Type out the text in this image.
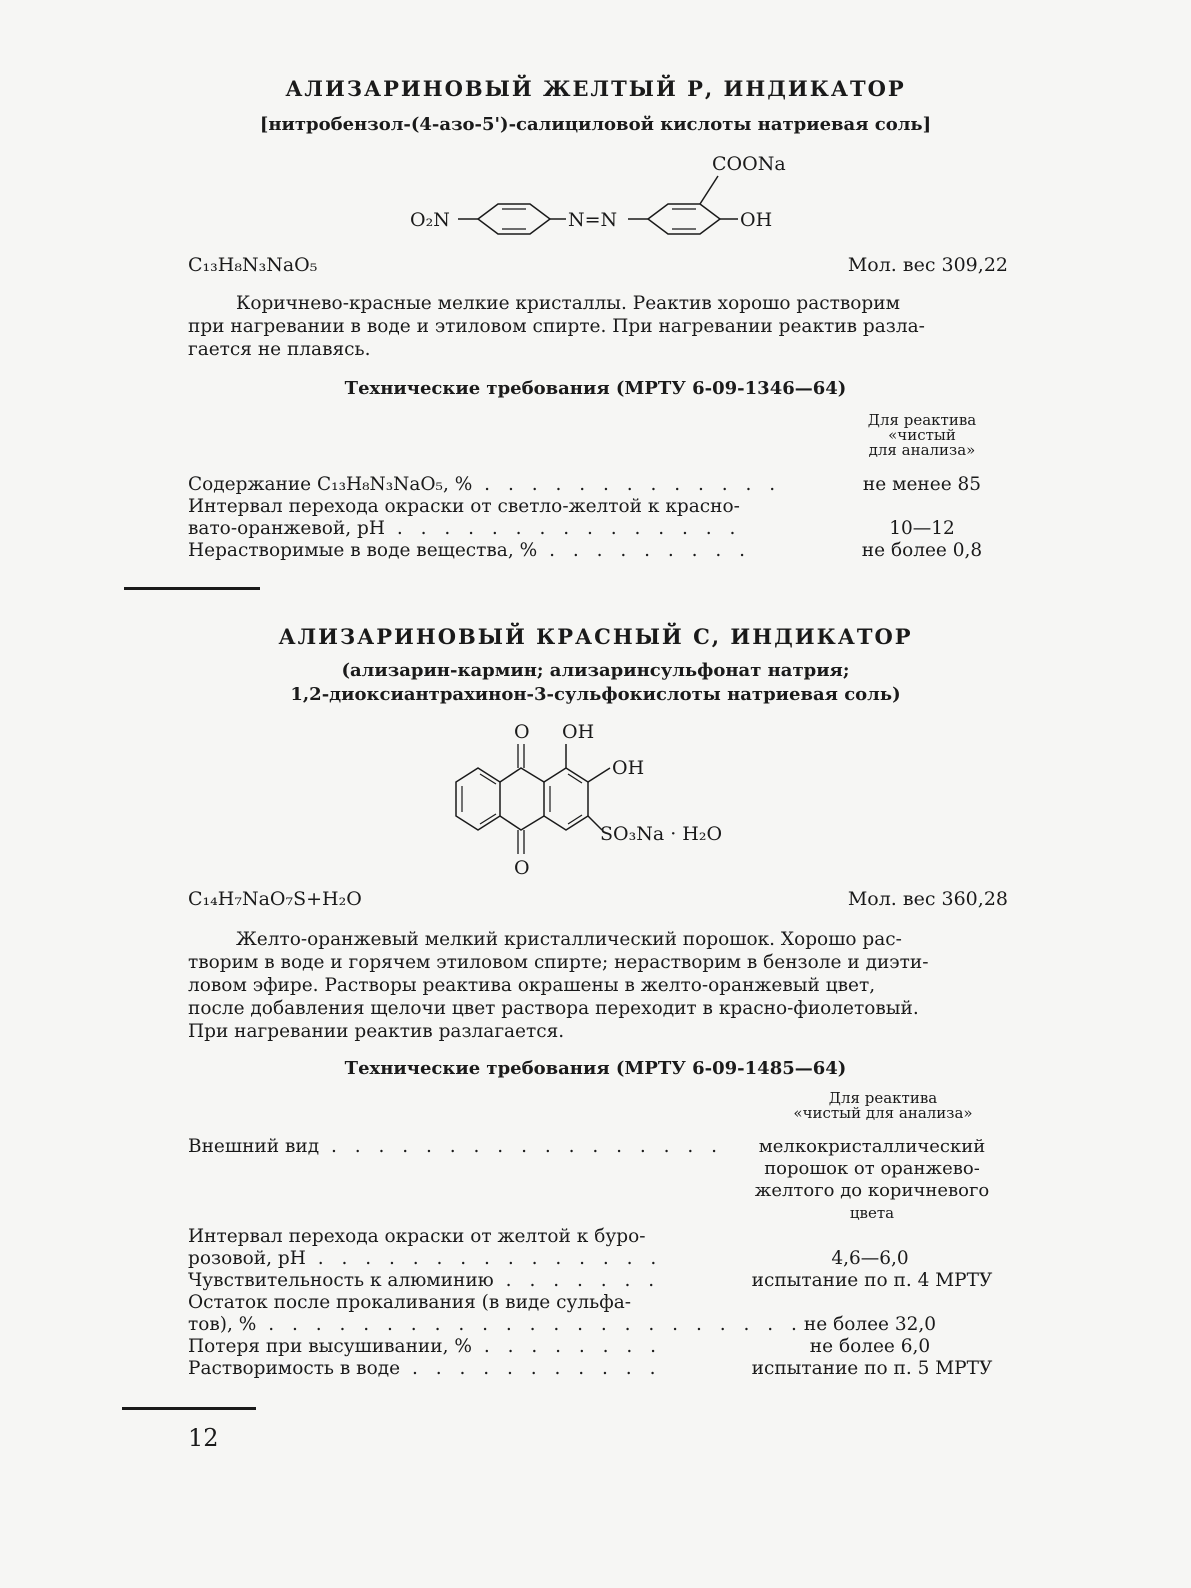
АЛИЗАРИНОВЫЙ ЖЕЛТЫЙ Р, ИНДИКАТОР
[нитробензол-(4-азо-5')-салициловой кислоты натриевая соль]
O₂N	N=N
COONa
OH
C₁₃H₈N₃NaO₅	Мол. вес 309,22

Коричнево-красные мелкие кристаллы. Реактив хорошо растворим

при нагревании в воде и этиловом спирте. При нагревании реактив разла-

гается не плавясь.

Технические требования (МРТУ 6-09-1346—64)
Для реактива
«чистый
для анализа»
Содержание C₁₃H₈N₃NaO₅, % . . . . . . . . . . . . .	не менее 85
Интервал перехода окраски от светло-желтой к красно-
вато-оранжевой, pH . . . . . . . . . . . . . . .	10—12
Нерастворимые в воде вещества, % . . . . . . . . .	не более 0,8
АЛИЗАРИНОВЫЙ КРАСНЫЙ С, ИНДИКАТОР
(ализарин-кармин; ализаринсульфонат натрия;
1,2-диоксиантрахинон-3-сульфокислоты натриевая соль)
O OH
OH
SO₃Na · H₂O
O
C₁₄H₇NaO₇S+H₂O	Мол. вес 360,28

Желто-оранжевый мелкий кристаллический порошок. Хорошо рас-

творим в воде и горячем этиловом спирте; нерастворим в бензоле и диэти-

ловом эфире. Растворы реактива окрашены в желто-оранжевый цвет,

после добавления щелочи цвет раствора переходит в красно-фиолетовый.

При нагревании реактив разлагается.

Технические требования (МРТУ 6-09-1485—64)
Для реактива
«чистый для анализа»
Внешний вид . . . . . . . . . . . . . . . . .	мелкокристаллический
порошок от оранжево-
желтого до коричневого
цвета
Интервал перехода окраски от желтой к буро-
розовой, pH . . . . . . . . . . . . . . .	4,6—6,0
Чувствительность к алюминию . . . . . . .	испытание по п. 4 МРТУ
Остаток после прокаливания (в виде сульфа-
тов), % . . . . . . . . . . . . . . . . . . . . . . . не более 32,0
Потеря при высушивании, % . . . . . . . .	не более 6,0
Растворимость в воде . . . . . . . . . . .	испытание по п. 5 МРТУ
12
